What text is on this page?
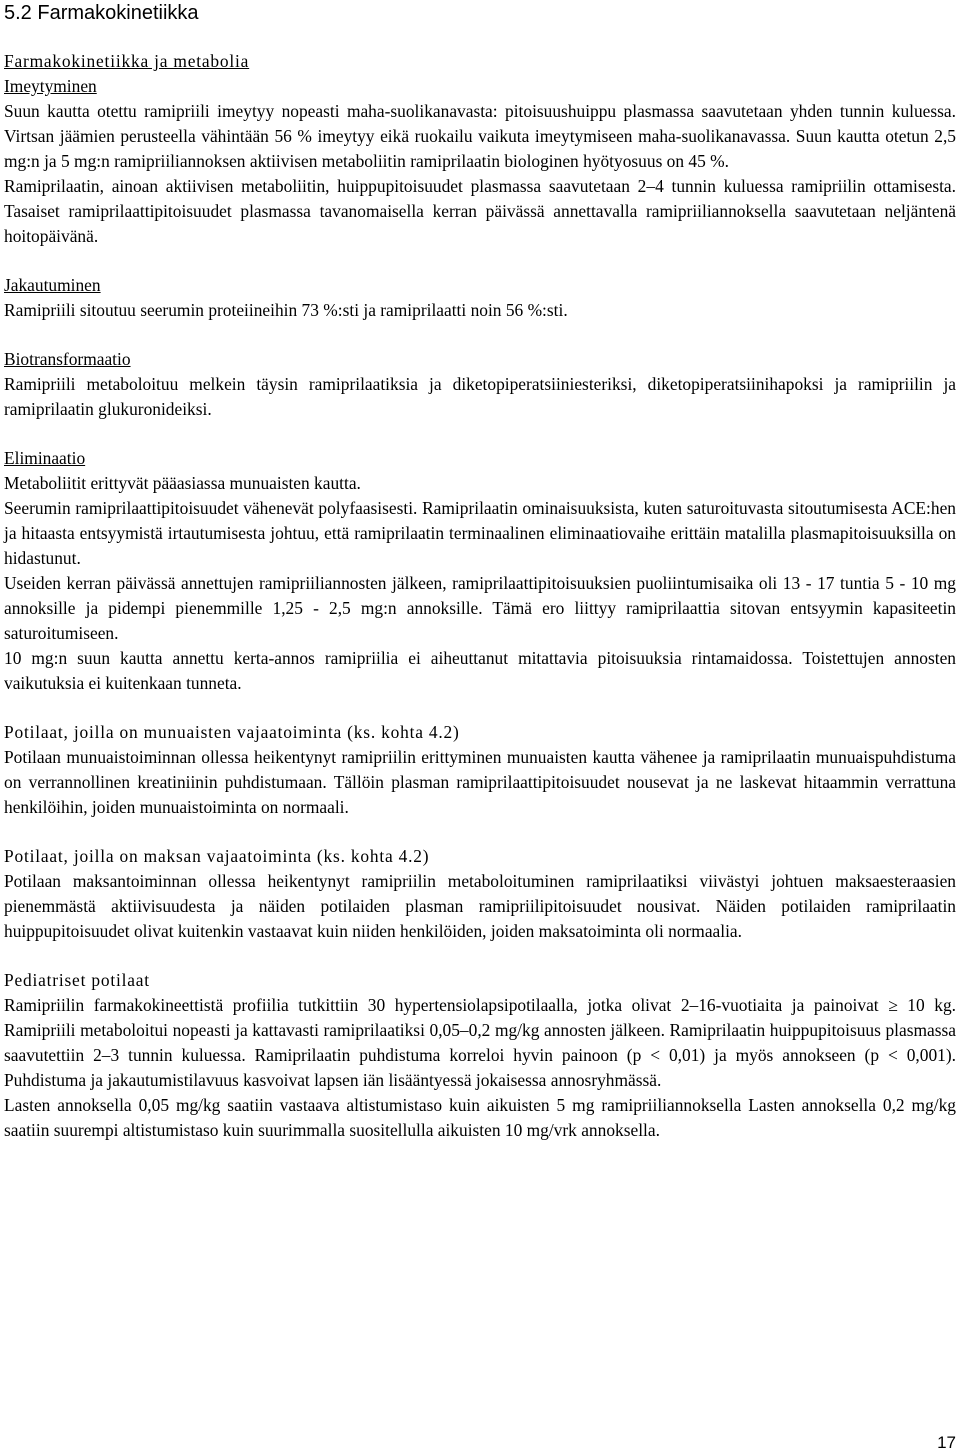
5.2 Farmakokinetiikka
Farmakokinetiikka ja metabolia
Imeytyminen

Suun kautta otettu ramipriili imeytyy nopeasti maha-suolikanavasta: pitoisuushuippu plasmassa saavutetaan yhden tunnin kuluessa. Virtsan jäämien perusteella vähintään 56 % imeytyy eikä ruokailu vaikuta imeytymiseen maha-suolikanavassa. Suun kautta otetun 2,5 mg:n ja 5 mg:n ramipriiliannoksen aktiivisen metaboliitin ramiprilaatin biologinen hyötyosuus on 45 %.

Ramiprilaatin, ainoan aktiivisen metaboliitin, huippupitoisuudet plasmassa saavutetaan 2–4 tunnin kuluessa ramipriilin ottamisesta. Tasaiset ramiprilaattipitoisuudet plasmassa tavanomaisella kerran päivässä annettavalla ramipriiliannoksella saavutetaan neljäntenä hoitopäivänä.

Jakautuminen

Ramipriili sitoutuu seerumin proteiineihin 73 %:sti ja ramiprilaatti noin 56 %:sti.

Biotransformaatio

Ramipriili metaboloituu melkein täysin ramiprilaatiksia ja diketopiperatsiiniesteriksi, diketopiperatsiinihapoksi ja ramipriilin ja ramiprilaatin glukuronideiksi.

Eliminaatio

Metaboliitit erittyvät pääasiassa munuaisten kautta.

Seerumin ramiprilaattipitoisuudet vähenevät polyfaasisesti. Ramiprilaatin ominaisuuksista, kuten saturoituvasta sitoutumisesta ACE:hen ja hitaasta entsyymistä irtautumisesta johtuu, että ramiprilaatin terminaalinen eliminaatiovaihe erittäin matalilla plasmapitoisuuksilla on hidastunut.

Useiden kerran päivässä annettujen ramipriiliannosten jälkeen, ramiprilaattipitoisuuksien puoliintumisaika oli 13 - 17 tuntia 5 - 10 mg annoksille ja pidempi pienemmille 1,25 - 2,5 mg:n annoksille. Tämä ero liittyy ramiprilaattia sitovan entsyymin kapasiteetin saturoitumiseen.

10 mg:n suun kautta annettu kerta-annos ramipriilia ei aiheuttanut mitattavia pitoisuuksia rintamaidossa. Toistettujen annosten vaikutuksia ei kuitenkaan tunneta.

Potilaat, joilla on munuaisten vajaatoiminta (ks. kohta 4.2)

Potilaan munuaistoiminnan ollessa heikentynyt ramipriilin erittyminen munuaisten kautta vähenee ja ramiprilaatin munuaispuhdistuma on verrannollinen kreatiniinin puhdistumaan. Tällöin plasman ramiprilaattipitoisuudet nousevat ja ne laskevat hitaammin verrattuna henkilöihin, joiden munuaistoiminta on normaali.

Potilaat, joilla on maksan vajaatoiminta (ks. kohta 4.2)

Potilaan maksantoiminnan ollessa heikentynyt ramipriilin metaboloituminen ramiprilaatiksi viivästyi johtuen maksaesteraasien pienemmästä aktiivisuudesta ja näiden potilaiden plasman ramipriilipitoisuudet nousivat. Näiden potilaiden ramiprilaatin huippupitoisuudet olivat kuitenkin vastaavat kuin niiden henkilöiden, joiden maksatoiminta oli normaalia.

Pediatriset potilaat

Ramipriilin farmakokineettistä profiilia tutkittiin 30 hypertensiolapsipotilaalla, jotka olivat 2–16-vuotiaita ja painoivat ≥ 10 kg. Ramipriili metaboloitui nopeasti ja kattavasti ramiprilaatiksi 0,05–0,2 mg/kg annosten jälkeen. Ramiprilaatin huippupitoisuus plasmassa saavutettiin 2–3 tunnin kuluessa. Ramiprilaatin puhdistuma korreloi hyvin painoon (p < 0,01) ja myös annokseen (p < 0,001). Puhdistuma ja jakautumistilavuus kasvoivat lapsen iän lisääntyessä jokaisessa annosryhmässä.

Lasten annoksella 0,05 mg/kg saatiin vastaava altistumistaso kuin aikuisten 5 mg ramipriiliannoksella Lasten annoksella 0,2 mg/kg saatiin suurempi altistumistaso kuin suurimmalla suositellulla aikuisten 10 mg/vrk annoksella.

17
